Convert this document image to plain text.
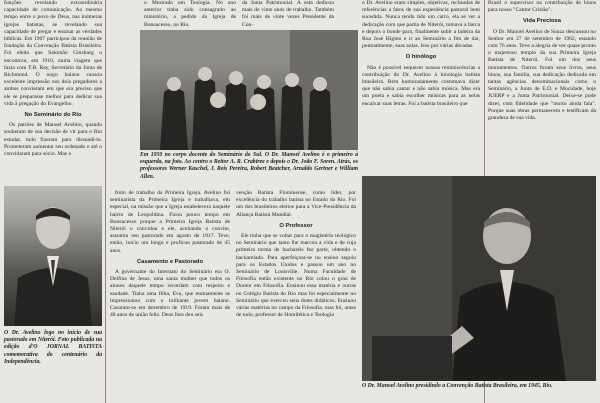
funções revelando extraordinária capacidade de comunicação. Ao mesmo tempo entre o povo de Deus, nas inúmeras igrejas batistas, se revelando sua capacidade de pregar e ensinar as verdades bíblicas. Em 1907 participou da reunião de fundação da Convenção Batista Brasileira. Foi eleito que Salomão Ginsburg o encontrou, em 1910, numa viagem que fazia com T.B. Ray, Secretário da Junta de Richmond. O nogo baiano causou excelente impressão nos dois pregadores a ambos convieram em que era preciso que ele se preparasse melhor para dedicar sua vida à pregação do Evangelho.

No Seminário do Rio

Os patrões de Manoel Avelino, quando souberam de sua decisão de vir para o Rio estudar, tudo fizeram para dissuadi-lo. Prometeram aumentar seu ordenado e até o convidaram para sócio. Mas o

O Dr. Avelino logo no início de sua pastorado em Niterói. Foto publicada na edição d'O JORNAL BATISTA comemorativa do centenário da Independência.

o Mestrado em Teologia. No ano anterior tinha sido consagrado ao ministério, a pedido da Igreja de Bonsucesso, no Rio,

da Junta Patrimonial. A esta dedicou mais de vinte anos de trabalho. Também foi mais de vinte vezes Presidente da Con-

o Dr. Avelino eram simples, objetivas, recheadas de referências a fatos de sua experiência pastoral bem sucedida. Nunca tendo tido um carro, ela se ver a dedicação com que partia de Niterói, tomava a barca e depois o bonde para, finalmente subir a ladeira da Rua José Higino e ir ao Seminário a fim de dar, pontualmente, suas aulas. Isso por várias décadas.

O hinólogo

Não é possível esquecer nossas reminiscências a contribuição do Dr. Avelino à hinologia batista brasileira. Bem humoradamente costumava dizer que não sabia cantar e não sabia música. Mas era um poeta e sabia escolher músicas para as nelas encaixar suas letras. Foi a batista brasileiro que

Brasil o supervisor na contribuição de hinos para nosso "Cantor Cristão".

Vida Preciosa

O Dr. Manoel Avelino de Souza descansou no Senhor em 27 de setembro de 1962, estando com 76 anos. Teve a alegria de ver quase pronto o majestoso templo da sua Primeira Igreja Batista de Niterói. Foi um dos seus monumentos. Outros foram seus livros, seus hinos, sua família, sua dedicação dedicada em tantas agências denominacionais como o Seminário, a Junta de E.D. e Mocidade, hoje JUERP e a Junta Patrimonial. Deixe-se pode dizer, com fidelidade que "morto ainda fala". Porque suas obras permanecem e testificam da grandeza de sua vida.

Em 1950 no corpo docente do Seminário do Sul. O Dr. Manoel Avelino é o primeiro à esquerda, na foto. Ao centro o Reitor A. R. Crabtree e depois o Dr. João F. Soren. Atrás, os professores Werner Kaschel, J. Reis Pereira, Robert Beatcher, Arnaldo Gertner e William Allen.

fruto de trabalho da Primeira Igreja. Avelino foi seminarista da Primeira Igreja e trabalhava, em especial, na missão que a Igreja estabelecera naquele bairro de Leopoldina. Ficou pouco tempo em Bonsucesso porque a Primeira Igreja Batista de Niterói o convidou e ele, aceitando o convite, assumiu seu pastorado em agosto de 1917. Teve, então, início um longo e profícuo pastorado de 45 anos.

Casamento e Pastorado

A governante do Internato do Seminário era O. Delfina de Jesus, uma santa mulher que todos os alunos daquele tempo recordam com respeito e saudade. Tinha uma filha, Eva, que mutuamente se impressionou com o brilhante jovem baiano. Casaram-se em dezembro de 1919. Foram mais de 40 anos de união feliz. Deus lhes deu seis

venção Batista Fluminense, como líder, por excelência do trabalho batista no Estado do Rio. Foi um dos brasileiros eleitos para a Vice-Presidência da Aliança Batista Mundial.

O Professor

Ele tinha que se voltar para o magistério teológico no Seminário que tanto lhe marcou a vida e de cuja primeira turma de bacharéis fez parte, obtendo o bacharelado. Para aperfeiçoar-se no ensino seguiu para os Estados Unidos e passou um ano no Seminário de Louisville. Numa Faculdade de Filosofia então existente no Rio colou o grau de Doutor em Filosofia. Ensinou essa matéria e outras no Colégio Batista do Rio mas foi especialmente no Seminário que exerceu seus dotes didáticos. Ensinou várias matérias no campo da Filosofia, mas foi, antes de tudo, professor de Homilética e Teologia

O Dr. Manoel Avelino presidindo a Convenção Batista Brasileira, em 1945, Rio.
